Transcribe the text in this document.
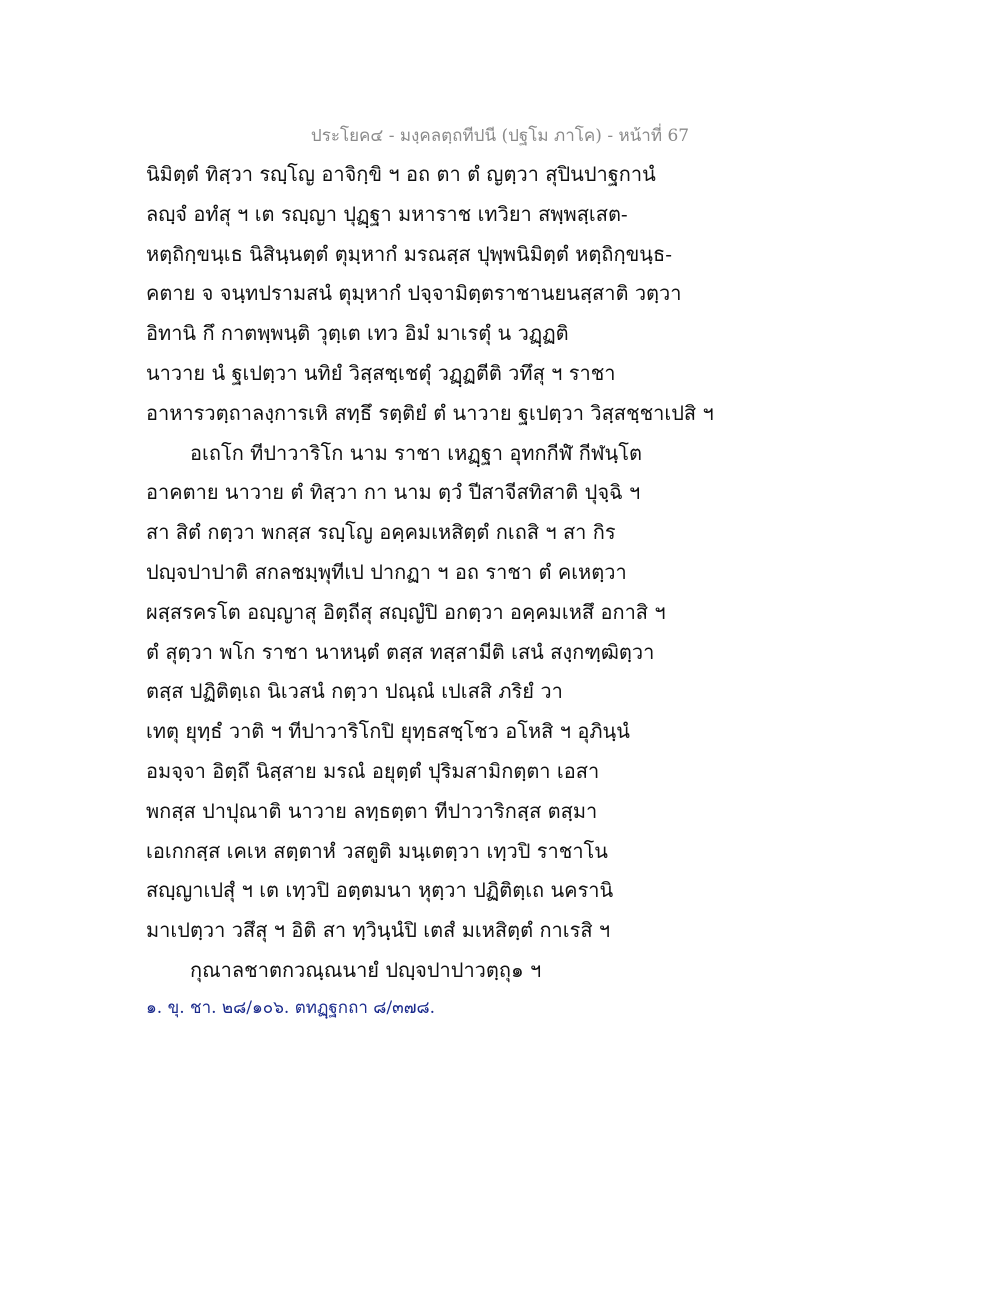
ประโยค๔ - มงฺคลตฺถทีปนี (ปฐโม ภาโค) - หน้าที่ 67
นิมิตฺตํ ทิสฺวา รญฺโญ อาจิกฺขิ ฯ อถ ตา ตํ ญตฺวา สุปินปาฐกานํ
ลญฺจํ อทํสุ ฯ เต รญฺญา ปุฏฺฐา มหาราช เทวิยา สพฺพสฺเสต-
หตฺถิกฺขนฺเธ นิสินฺนตฺตํ ตุมฺหากํ มรณสฺส ปุพฺพนิมิตฺตํ หตฺถิกฺขนฺธ-
คตาย จ จนฺทปรามสนํ ตุมฺหากํ ปจฺจามิตฺตราชานยนสฺสาติ วตฺวา
อิทานิ กึ กาตพฺพนฺติ วุตฺเต เทว อิมํ มาเรตุํ น วฏฺฏติ
นาวาย นํ ฐเปตฺวา นทิยํ วิสฺสชฺเชตุํ วฏฺฏตีติ วทึสุ ฯ ราชา
อาหารวตฺถาลงฺการเหิ สทฺธึ รตฺติยํ ตํ นาวาย ฐเปตฺวา วิสฺสชฺชาเปสิ ฯ
อเถโก ทีปาวาริโก นาม ราชา เหฏฺฐา อุทกกีฬํ กีฬนฺโต
อาคตาย นาวาย ตํ ทิสฺวา กา นาม ตฺวํ ปีสาจีสทิสาติ ปุจฺฉิ ฯ
สา สิตํ กตฺวา พกสฺส รญฺโญ อคฺคมเหสิตฺตํ กเถสิ ฯ สา กิร
ปญฺจปาปาติ สกลชมฺพุทีเป ปากฏา ฯ อถ ราชา ตํ คเหตฺวา
ผสฺสรครโต อญฺญาสุ อิตฺถีสุ สญฺญํปิ อกตฺวา อคฺคมเหสึ อกาสิ ฯ
ตํ สุตฺวา พโก ราชา นาหนฺตํ ตสฺส ทสฺสามีติ เสนํ สงฺกฑฺฒิตฺวา
ตสฺส ปฏิติตฺเถ นิเวสนํ กตฺวา ปณฺณํ เปเสสิ ภริยํ วา
เทตุ ยุทฺธํ วาติ ฯ ทีปาวาริโกปิ ยุทฺธสชฺโชว อโหสิ ฯ อุภินฺนํ
อมจฺจา อิตฺถึ นิสฺสาย มรณํ อยุตฺตํ ปุริมสามิกตฺตา เอสา
พกสฺส ปาปุณาติ นาวาย ลทฺธตฺตา ทีปาวาริกสฺส ตสฺมา
เอเกกสฺส เคเห สตฺตาหํ วสตูติ มนฺเตตฺวา เทฺวปิ ราชาโน
สญฺญาเปสุํ ฯ เต เทฺวปิ อตฺตมนา หุตฺวา ปฏิติตฺเถ นครานิ
มาเปตฺวา วสึสุ ฯ อิติ สา ทฺวินฺนํปิ เตสํ มเหสิตฺตํ กาเรสิ ฯ
กุณาลชาตกวณฺณนายํ ปญฺจปาปาวตฺถุ๑ ฯ
๑. ขุ. ชา. ๒๘/๑๐๖. ตทฏฺฐกถา ๘/๓๗๘.
